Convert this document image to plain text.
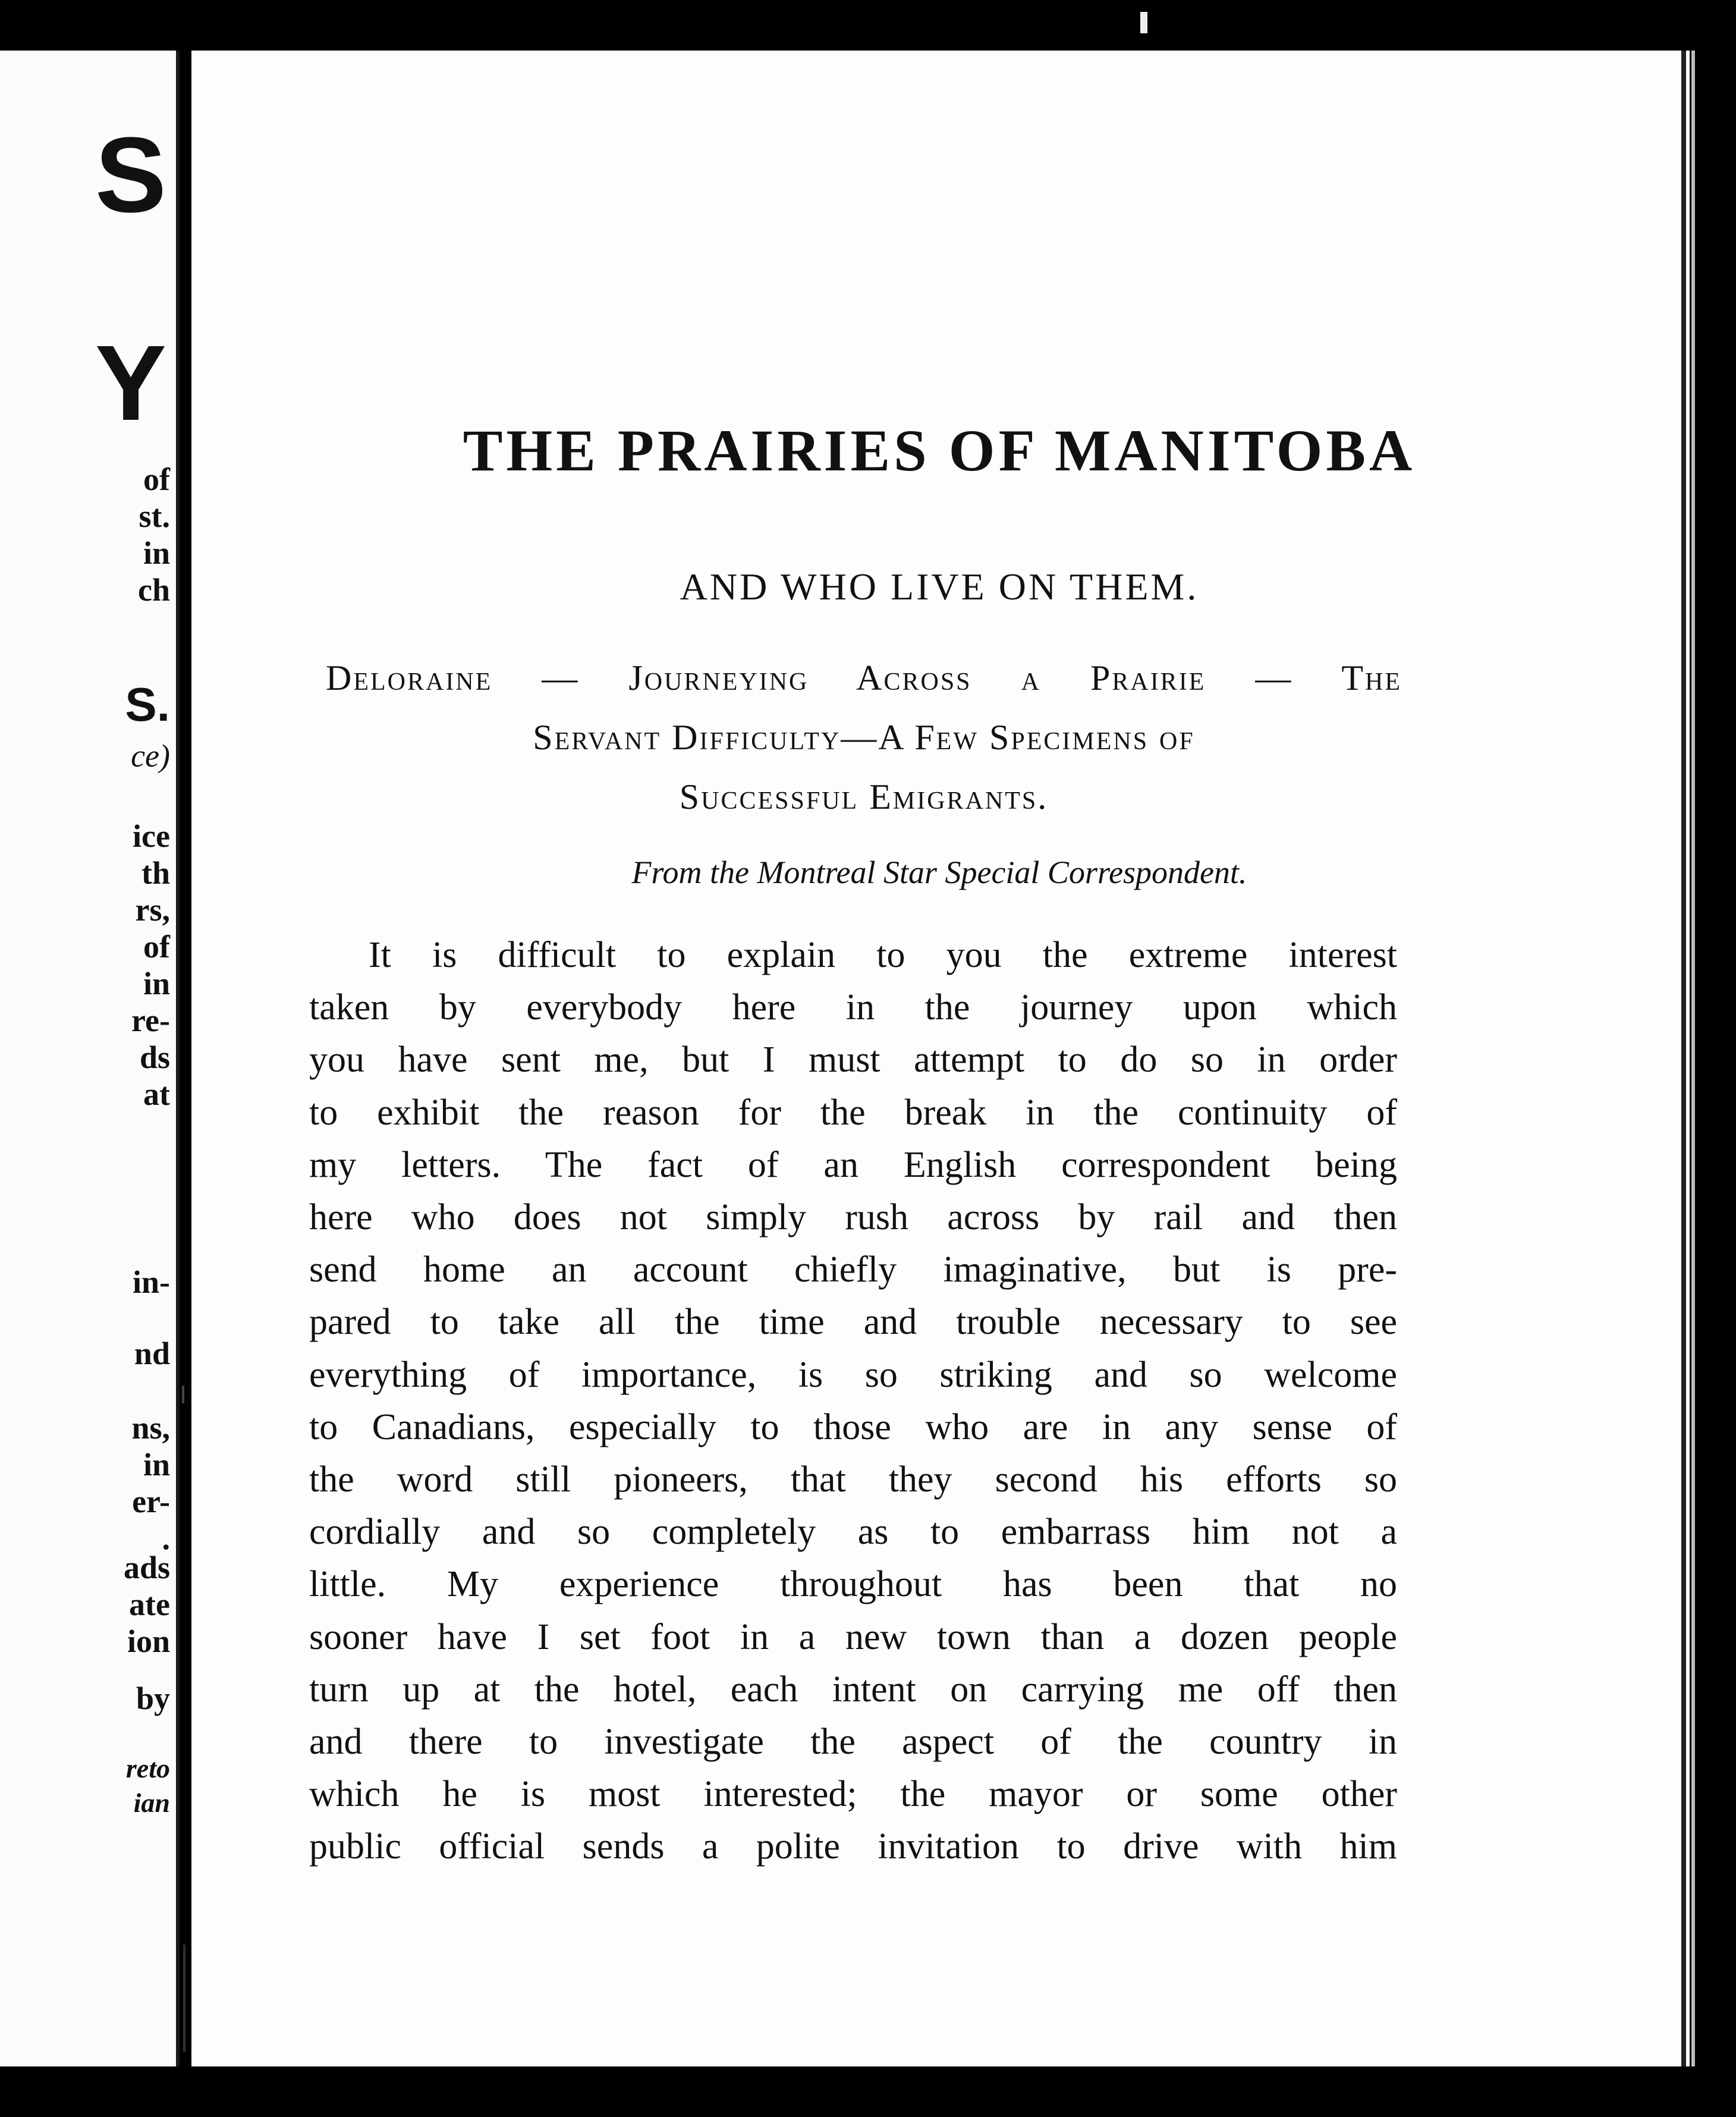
S
Y
of
st.
in
ch
S.
ce)
ice
th
rs,
of
in
re-
ds
at
in-
nd
ns,
in
er-
.
ads
ate
ion
by
reto
ian
THE PRAIRIES OF MANITOBA
AND WHO LIVE ON THEM.
Deloraine — Journeying Across a Prairie — The
Servant Difficulty—A Few Specimens of
Successful Emigrants.
From the Montreal Star Special Correspondent.
It is difficult to explain to you the extreme interest
taken by everybody here in the journey upon which
you have sent me, but I must attempt to do so in order
to exhibit the reason for the break in the continuity of
my letters. The fact of an English correspondent being
here who does not simply rush across by rail and then
send home an account chiefly imaginative, but is pre-
pared to take all the time and trouble necessary to see
everything of importance, is so striking and so welcome
to Canadians, especially to those who are in any sense of
the word still pioneers, that they second his efforts so
cordially and so completely as to embarrass him not a
little. My experience throughout has been that no
sooner have I set foot in a new town than a dozen people
turn up at the hotel, each intent on carrying me off then
and there to investigate the aspect of the country in
which he is most interested; the mayor or some other
public official sends a polite invitation to drive with him
